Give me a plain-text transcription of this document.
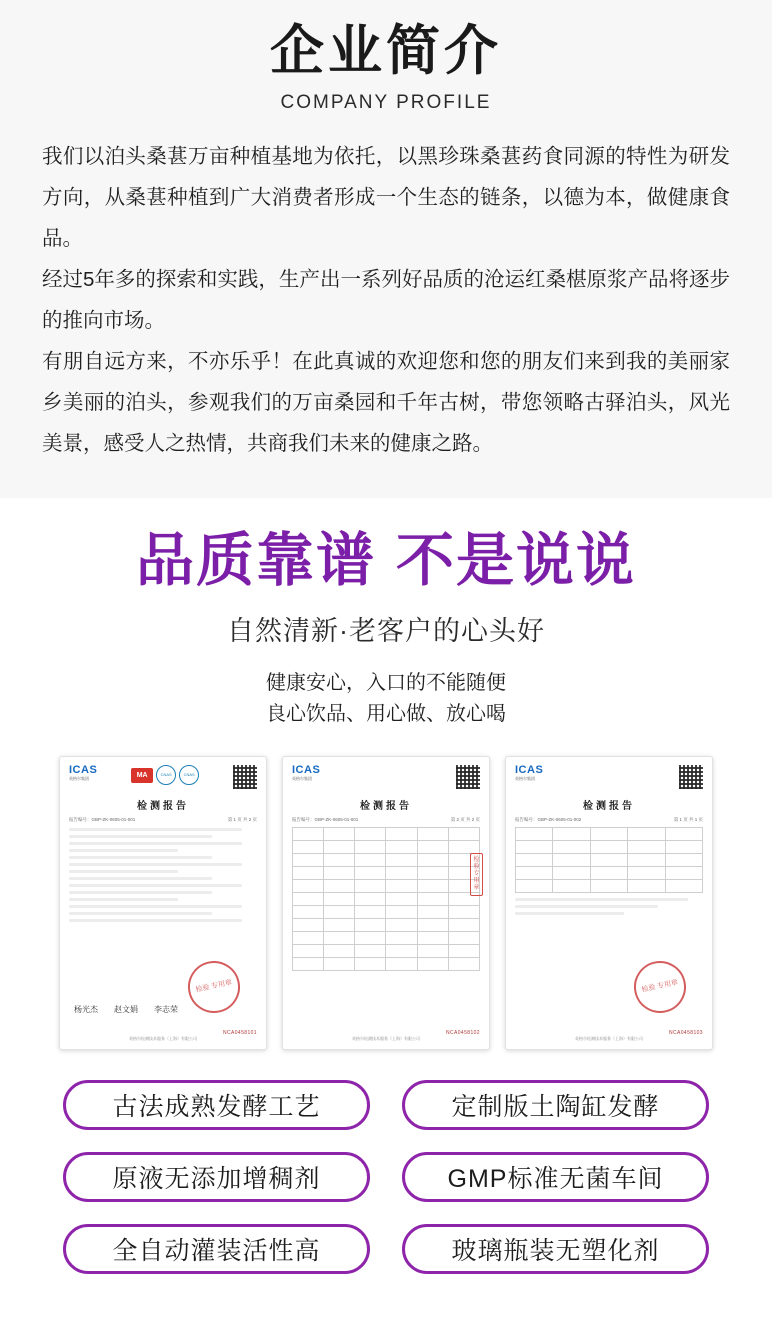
企业简介
COMPANY PROFILE

我们以泊头桑葚万亩种植基地为依托，以黑珍珠桑葚药食同源的特性为研发方向，从桑葚种植到广大消费者形成一个生态的链条，以德为本，做健康食品。

经过5年多的探索和实践，生产出一系列好品质的沧运红桑椹原浆产品将逐步的推向市场。

有朋自远方来，不亦乐乎！在此真诚的欢迎您和您的朋友们来到我的美丽家乡美丽的泊头，参观我们的万亩桑园和千年古树，带您领略古驿泊头，风光美景，感受人之热情，共商我们未来的健康之路。

品质靠谱 不是说说
自然清新·老客户的心头好
健康安心，入口的不能随便
良心饮品、用心做、放心喝
ICAS
英格尔集团	MA	CNAS	CNAS
检测报告
报告编号：GBP-ZK-0605-01-001	第 1 页 共 2 页
检验 专用章
杨光杰 赵文娟 李志荣
NCA0458101
英格尔检测技术服务（上海）有限公司
ICAS
英格尔集团
检测报告
报告编号：GBP-ZK-0605-01-001	第 2 页 共 2 页

检验专用章
NCA0458102
英格尔检测技术服务（上海）有限公司
ICAS
英格尔集团
检测报告
报告编号：GBP-ZK-0605-01-002	第 1 页 共 1 页

检验 专用章
NCA0458103
英格尔检测技术服务（上海）有限公司
古法成熟发酵工艺	定制版土陶缸发酵
原液无添加增稠剂	GMP标准无菌车间
全自动灌装活性高	玻璃瓶装无塑化剂
